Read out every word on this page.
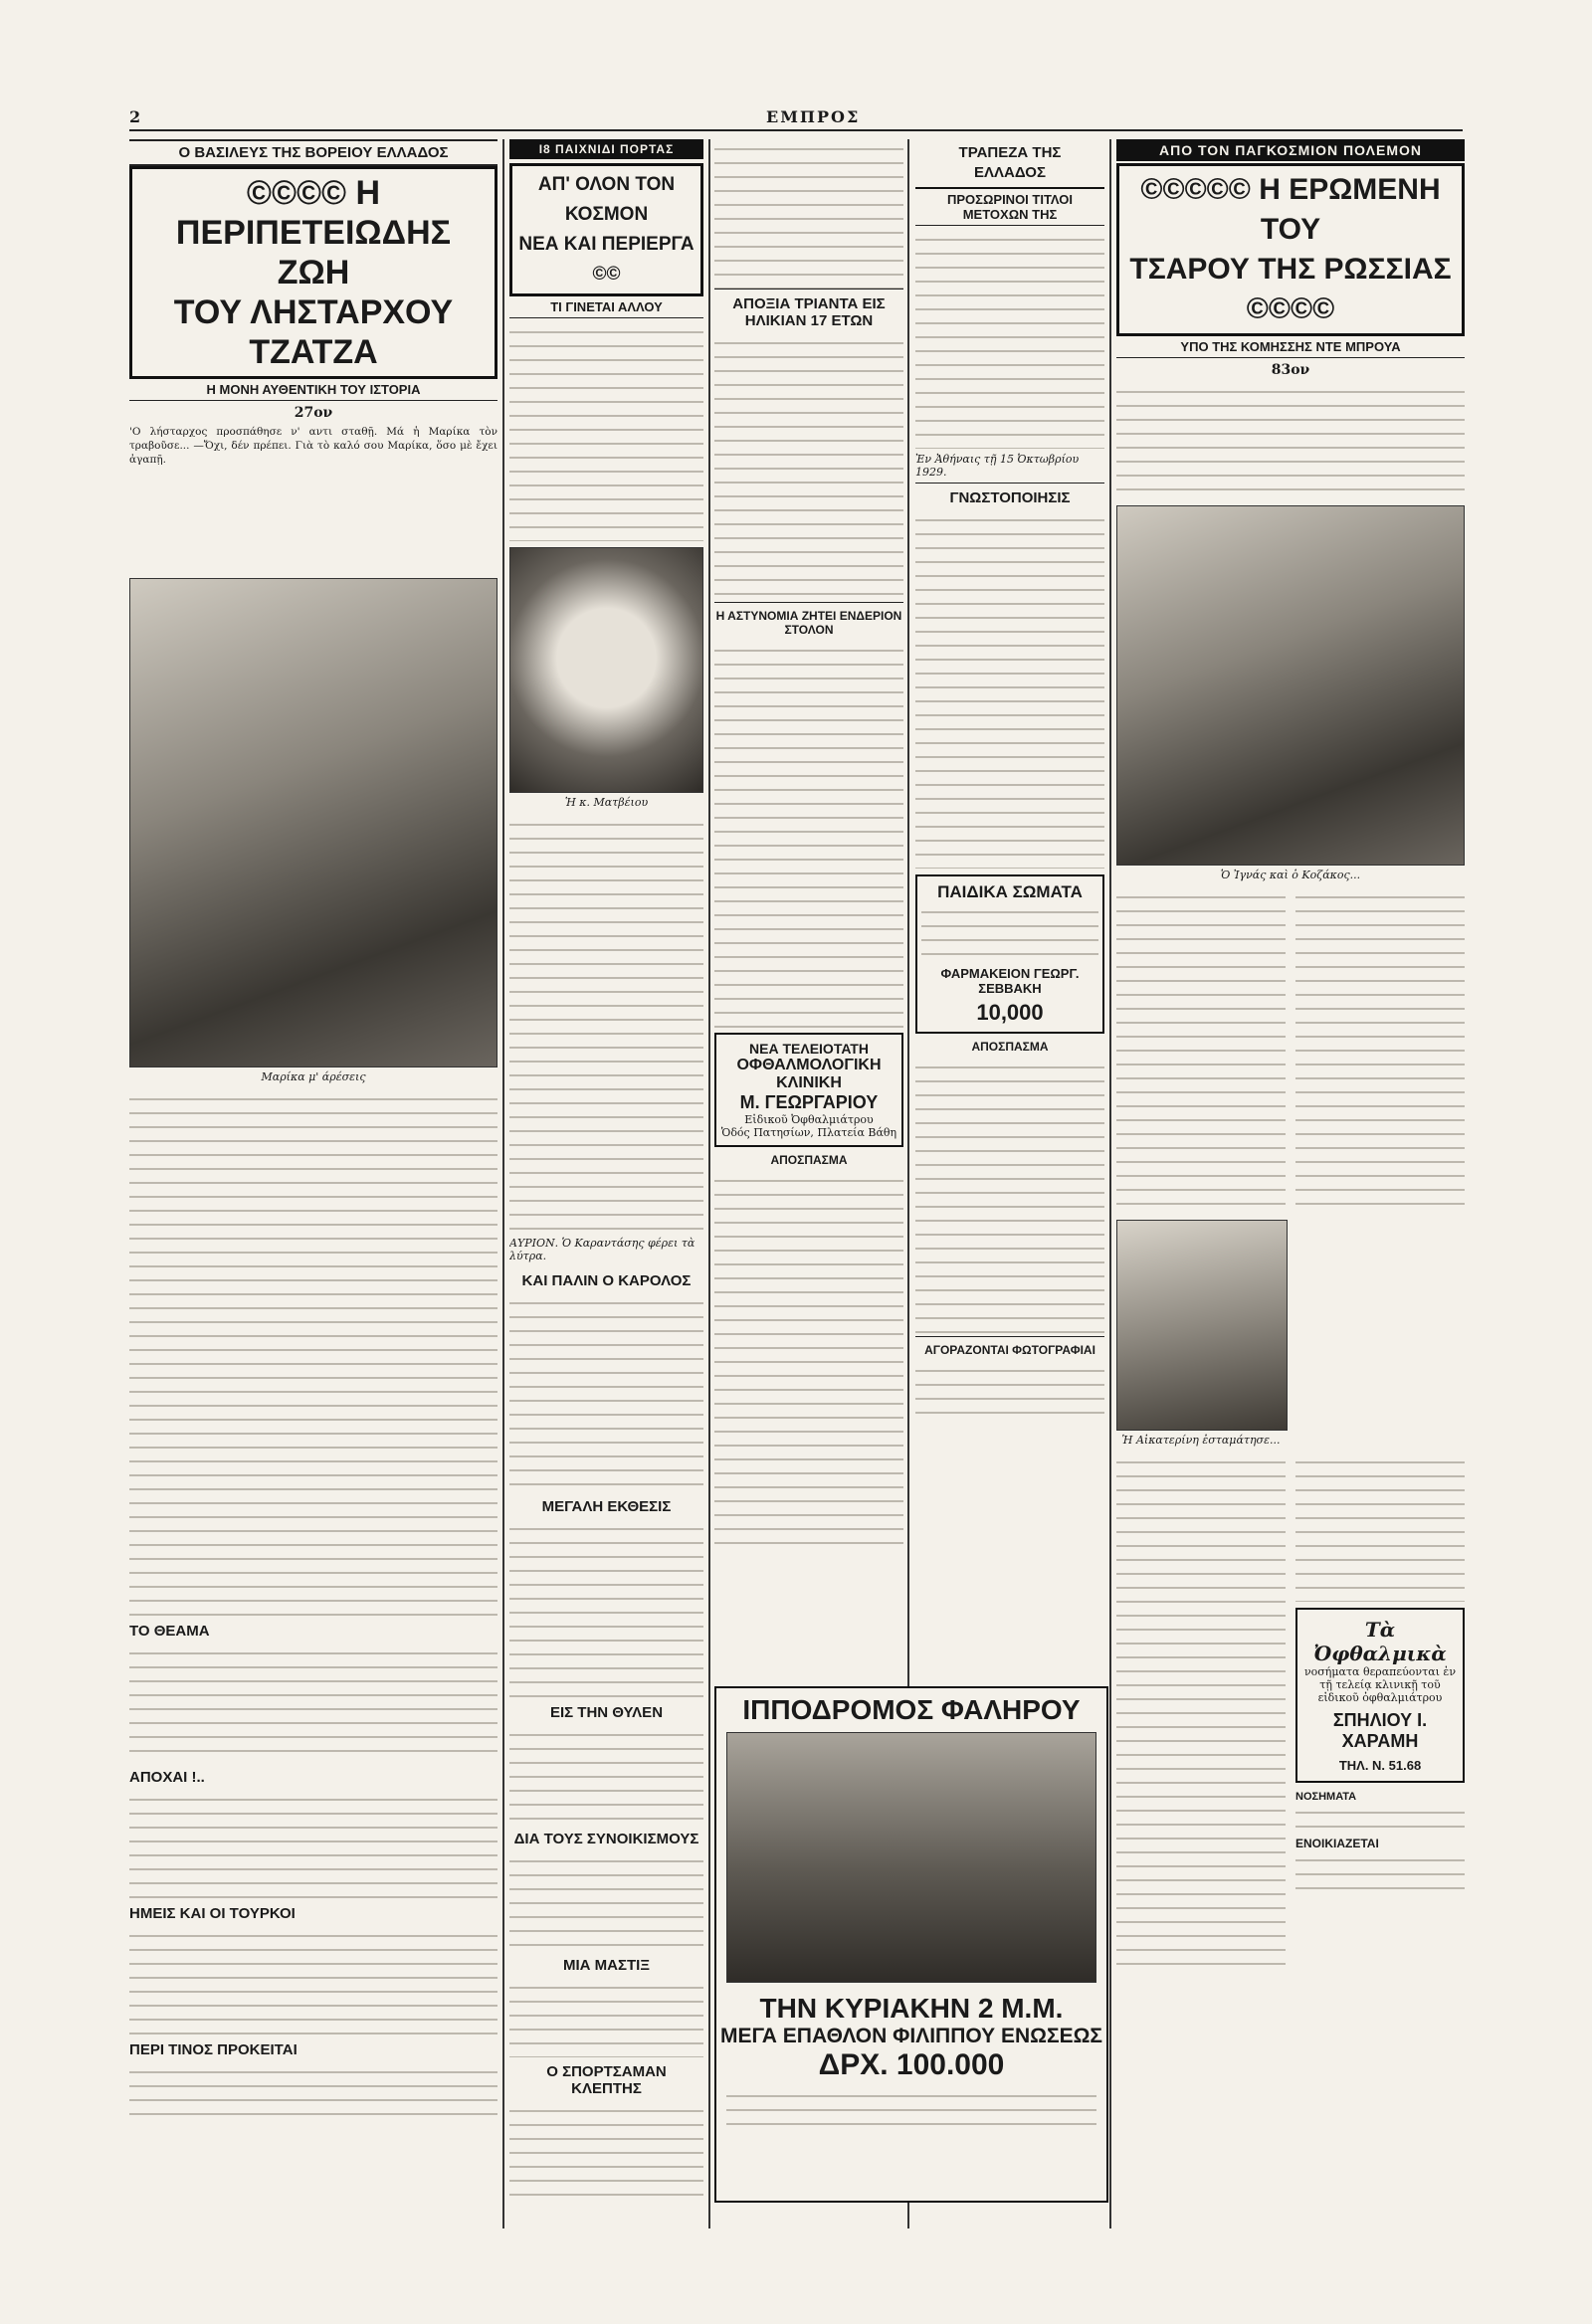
2	ΕΜΠΡΟΣ
Ο ΒΑΣΙΛΕΥΣ ΤΗΣ ΒΟΡΕΙΟΥ ΕΛΛΑΔΟΣ
©©©© Η ΠΕΡΙΠΕΤΕΙΩΔΗΣ ΖΩΗ
ΤΟΥ ΛΗΣΤΑΡΧΟΥ ΤΖΑΤΖΑ
Η ΜΟΝΗ ΑΥΘΕΝΤΙΚΗ ΤΟΥ ΙΣΤΟΡΙΑ
27ον
'Ο λήσταρχος προσπάθησε ν' αντι σταθῇ. Μά ἡ Μαρίκα τὸν τραβοῦσε... —Ὄχι, δέν πρέπει. Γιὰ τὸ καλό σου Μαρίκα, ὅσο μὲ ἔχει ἀγαπῇ.
Μαρίκα μ' άρέσεις
ΤΟ ΘΕΑΜΑ
ΑΠΟΧΑΙ !..
ΗΜΕΙΣ ΚΑΙ ΟΙ ΤΟΥΡΚΟΙ
ΠΕΡΙ ΤΙΝΟΣ ΠΡΟΚΕΙΤΑΙ
Ι8 ΠΑΙΧΝΙΔΙ ΠΟΡΤΑΣ
ΑΠ' ΟΛΟΝ ΤΟΝ ΚΟΣΜΟΝ
ΝΕΑ ΚΑΙ ΠΕΡΙΕΡΓΑ ©©
ΤΙ ΓΙΝΕΤΑΙ ΑΛΛΟΥ
Ἡ κ. Ματβέιου
ΑΥΡΙΟΝ. Ὁ Καραντάσης φέρει τὰ λύτρα.
ΚΑΙ ΠΑΛΙΝ Ο ΚΑΡΟΛΟΣ
ΜΕΓΑΛΗ ΕΚΘΕΣΙΣ
ΕΙΣ ΤΗΝ ΘΥΛΕΝ
ΔΙΑ ΤΟΥΣ ΣΥΝΟΙΚΙΣΜΟΥΣ
ΜΙΑ ΜΑΣΤΙΞ
Ο ΣΠΟΡΤΣΑΜΑΝ ΚΛΕΠΤΗΣ
ΑΠΟΞΙΑ ΤΡΙΑΝΤΑ ΕΙΣ ΗΛΙΚΙΑΝ 17 ΕΤΩΝ
Η ΑΣΤΥΝΟΜΙΑ ΖΗΤΕΙ ΕΝΔΕΡΙΟΝ ΣΤΟΛΟΝ
ΝΕΑ ΤΕΛΕΙΟΤΑΤΗ
ΟΦΘΑΛΜΟΛΟΓΙΚΗ ΚΛΙΝΙΚΗ
Μ. ΓΕΩΡΓΑΡΙΟΥ
Εἰδικοῦ Ὀφθαλμιάτρου
Ὁδός Πατησίων, Πλατεία Βάθη
ΑΠΟΣΠΑΣΜΑ
ΤΡΑΠΕΖΑ ΤΗΣ ΕΛΛΑΔΟΣ
ΠΡΟΣΩΡΙΝΟΙ ΤΙΤΛΟΙ ΜΕΤΟΧΩΝ ΤΗΣ
Ἐν Ἀθήναις τῇ 15 Ὀκτωβρίου 1929.
ΓΝΩΣΤΟΠΟΙΗΣΙΣ
ΠΑΙΔΙΚΑ ΣΩΜΑΤΑ
ΦΑΡΜΑΚΕΙΟΝ ΓΕΩΡΓ. ΣΕΒΒΑΚΗ
10,000
ΑΠΟΣΠΑΣΜΑ
ΑΓΟΡΑΖΟΝΤΑΙ ΦΩΤΟΓΡΑΦΙΑΙ
ΙΠΠΟΔΡΟΜΟΣ ΦΑΛΗΡΟΥ
ΤΗΝ ΚΥΡΙΑΚΗΝ 2 Μ.Μ.
ΜΕΓΑ ΕΠΑΘΛΟΝ ΦΙΛΙΠΠΟΥ ΕΝΩΣΕΩΣ
ΔΡΧ. 100.000
ΑΠΟ ΤΟΝ ΠΑΓΚΟΣΜΙΟΝ ΠΟΛΕΜΟΝ
©©©©© Η ΕΡΩΜΕΝΗ ΤΟΥ
ΤΣΑΡΟΥ ΤΗΣ ΡΩΣΣΙΑΣ ©©©©
ΥΠΟ ΤΗΣ ΚΟΜΗΣΣΗΣ ΝΤΕ ΜΠΡΟΥΑ
83ον
Ὁ Ἰγνάς καὶ ὁ Κοζάκος...
Ἡ Αἰκατερίνη ἐσταμάτησε...
Τὰ Ὀφθαλμικὰ
νοσήματα θεραπεύονται ἐν τῇ τελείᾳ κλινικῇ τοῦ εἰδικοῦ ὀφθαλμιάτρου
ΣΠΗΛΙΟΥ Ι. ΧΑΡΑΜΗ
ΤΗΛ. Ν. 51.68
ΝΟΣΗΜΑΤΑ
ΕΝΟΙΚΙΑΖΕΤΑΙ
